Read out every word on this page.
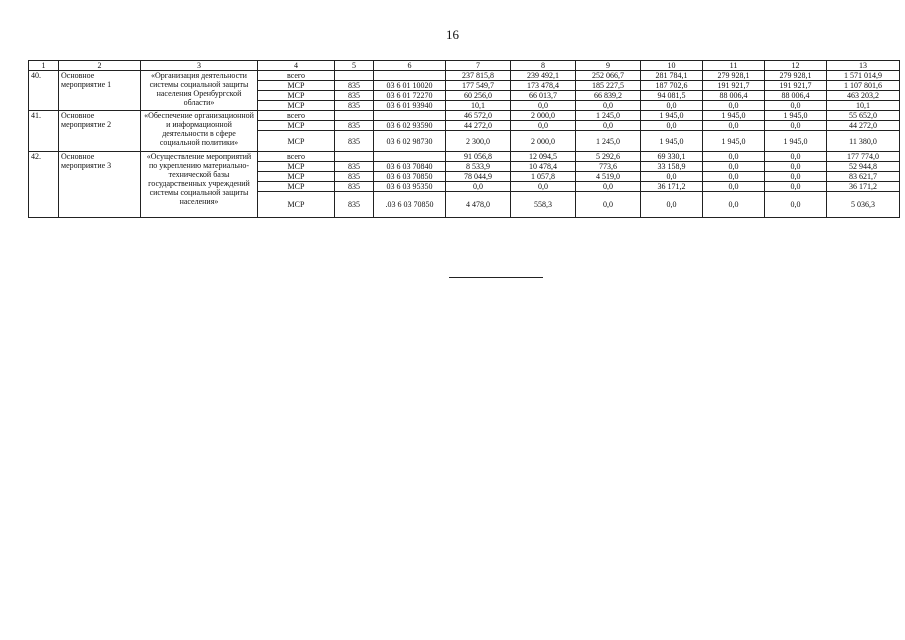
16
1	2	3	4	5	6	7	8	9	10	11	12	13
40.	Основное мероприятие 1	«Организация деятельности системы социальной защиты населения Оренбургской области»	всего			237 815,8	239 492,1	252 066,7	281 784,1	279 928,1	279 928,1	1 571 014,9
			МСР	835	03 6 01 10020	177 549,7	173 478,4	185 227,5	187 702,6	191 921,7	191 921,7	1 107 801,6
			МСР	835	03 6 01 72270	60 256,0	66 013,7	66 839,2	94 081,5	88 006,4	88 006,4	463 203,2
			МСР	835	03 6 01 93940	10,1	0,0	0,0	0,0	0,0	0,0	10,1
41.	Основное мероприятие 2	«Обеспечение организационной и информационной деятельности в сфере социальной политики»	всего			46 572,0	2 000,0	1 245,0	1 945,0	1 945,0	1 945,0	55 652,0
			МСР	835	03 6 02 93590	44 272,0	0,0	0,0	0,0	0,0	0,0	44 272,0
			МСР	835	03 6 02 98730	2 300,0	2 000,0	1 245,0	1 945,0	1 945,0	1 945,0	11 380,0
42.	Основное мероприятие 3	«Осуществление мероприятий по укреплению материально-технической базы государственных учреждений системы социальной защиты населения»	всего			91 056,8	12 094,5	5 292,6	69 330,1	0,0	0,0	177 774,0
			МСР	835	03 6 03 70840	8 533,9	10 478,4	773,6	33 158,9	0,0	0,0	52 944,8
			МСР	835	03 6 03 70850	78 044,9	1 057,8	4 519,0	0,0	0,0	0,0	83 621,7
			МСР	835	03 6 03 95350	0,0	0,0	0,0	36 171,2	0,0	0,0	36 171,2
			МСР	835	.03 6 03 70850	4 478,0	558,3	0,0	0,0	0,0	0,0	5 036,3
